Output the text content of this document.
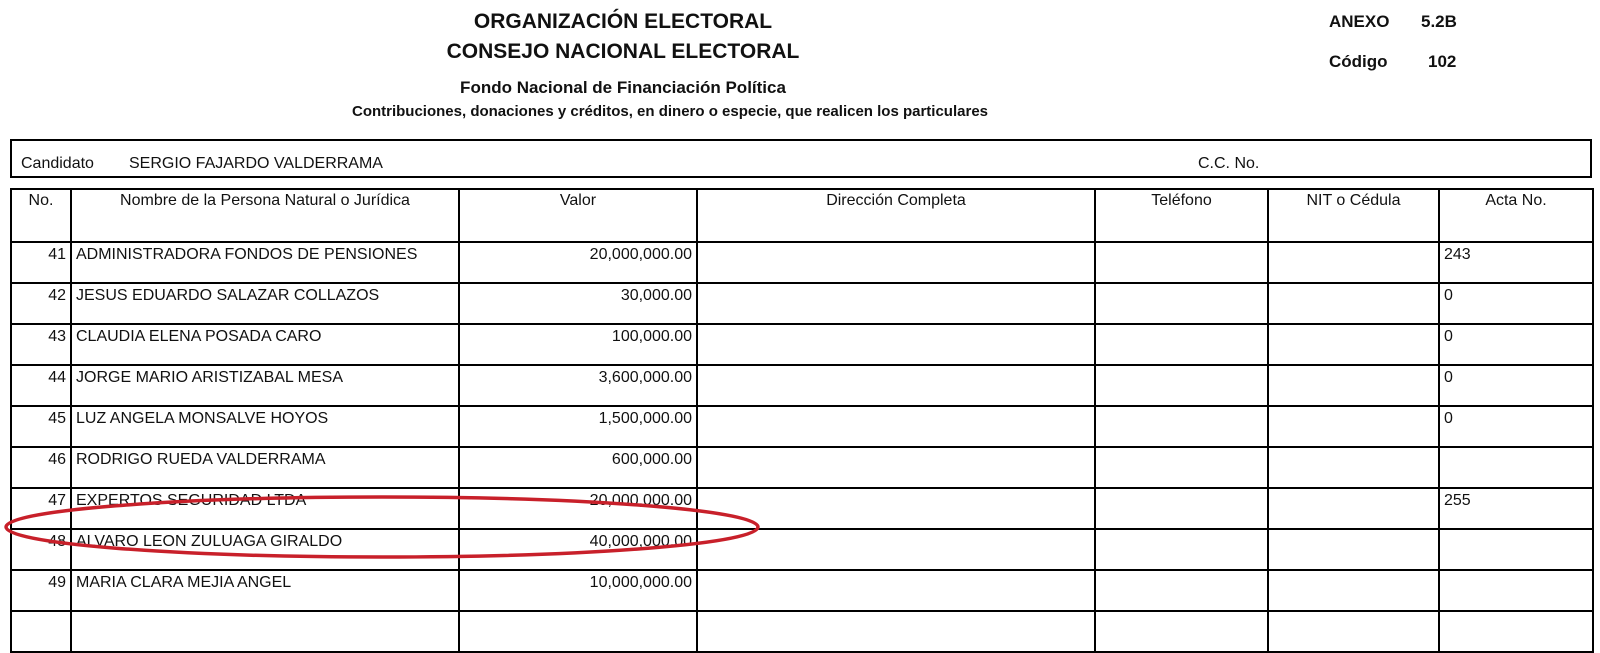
ORGANIZACIÓN ELECTORAL
CONSEJO NACIONAL ELECTORAL
Fondo Nacional de Financiación Política
Contribuciones, donaciones y créditos, en dinero o especie, que realicen los particulares
ANEXO 5.2B
Código 102
Candidato SERGIO FAJARDO VALDERRAMA	C.C. No.
No.	Nombre de la Persona Natural o Jurídica	Valor	Dirección Completa	Teléfono	NIT o Cédula	Acta No.
41	ADMINISTRADORA FONDOS DE PENSIONES	20,000,000.00				243
42	JESUS EDUARDO SALAZAR COLLAZOS	30,000.00				0
43	CLAUDIA ELENA POSADA CARO	100,000.00				0
44	JORGE MARIO ARISTIZABAL MESA	3,600,000.00				0
45	LUZ ANGELA MONSALVE HOYOS	1,500,000.00				0
46	RODRIGO RUEDA VALDERRAMA	600,000.00				
47	EXPERTOS SEGURIDAD LTDA	20,000,000.00				255
48	ALVARO LEON ZULUAGA GIRALDO	40,000,000.00				
49	MARIA CLARA MEJIA ANGEL	10,000,000.00				
